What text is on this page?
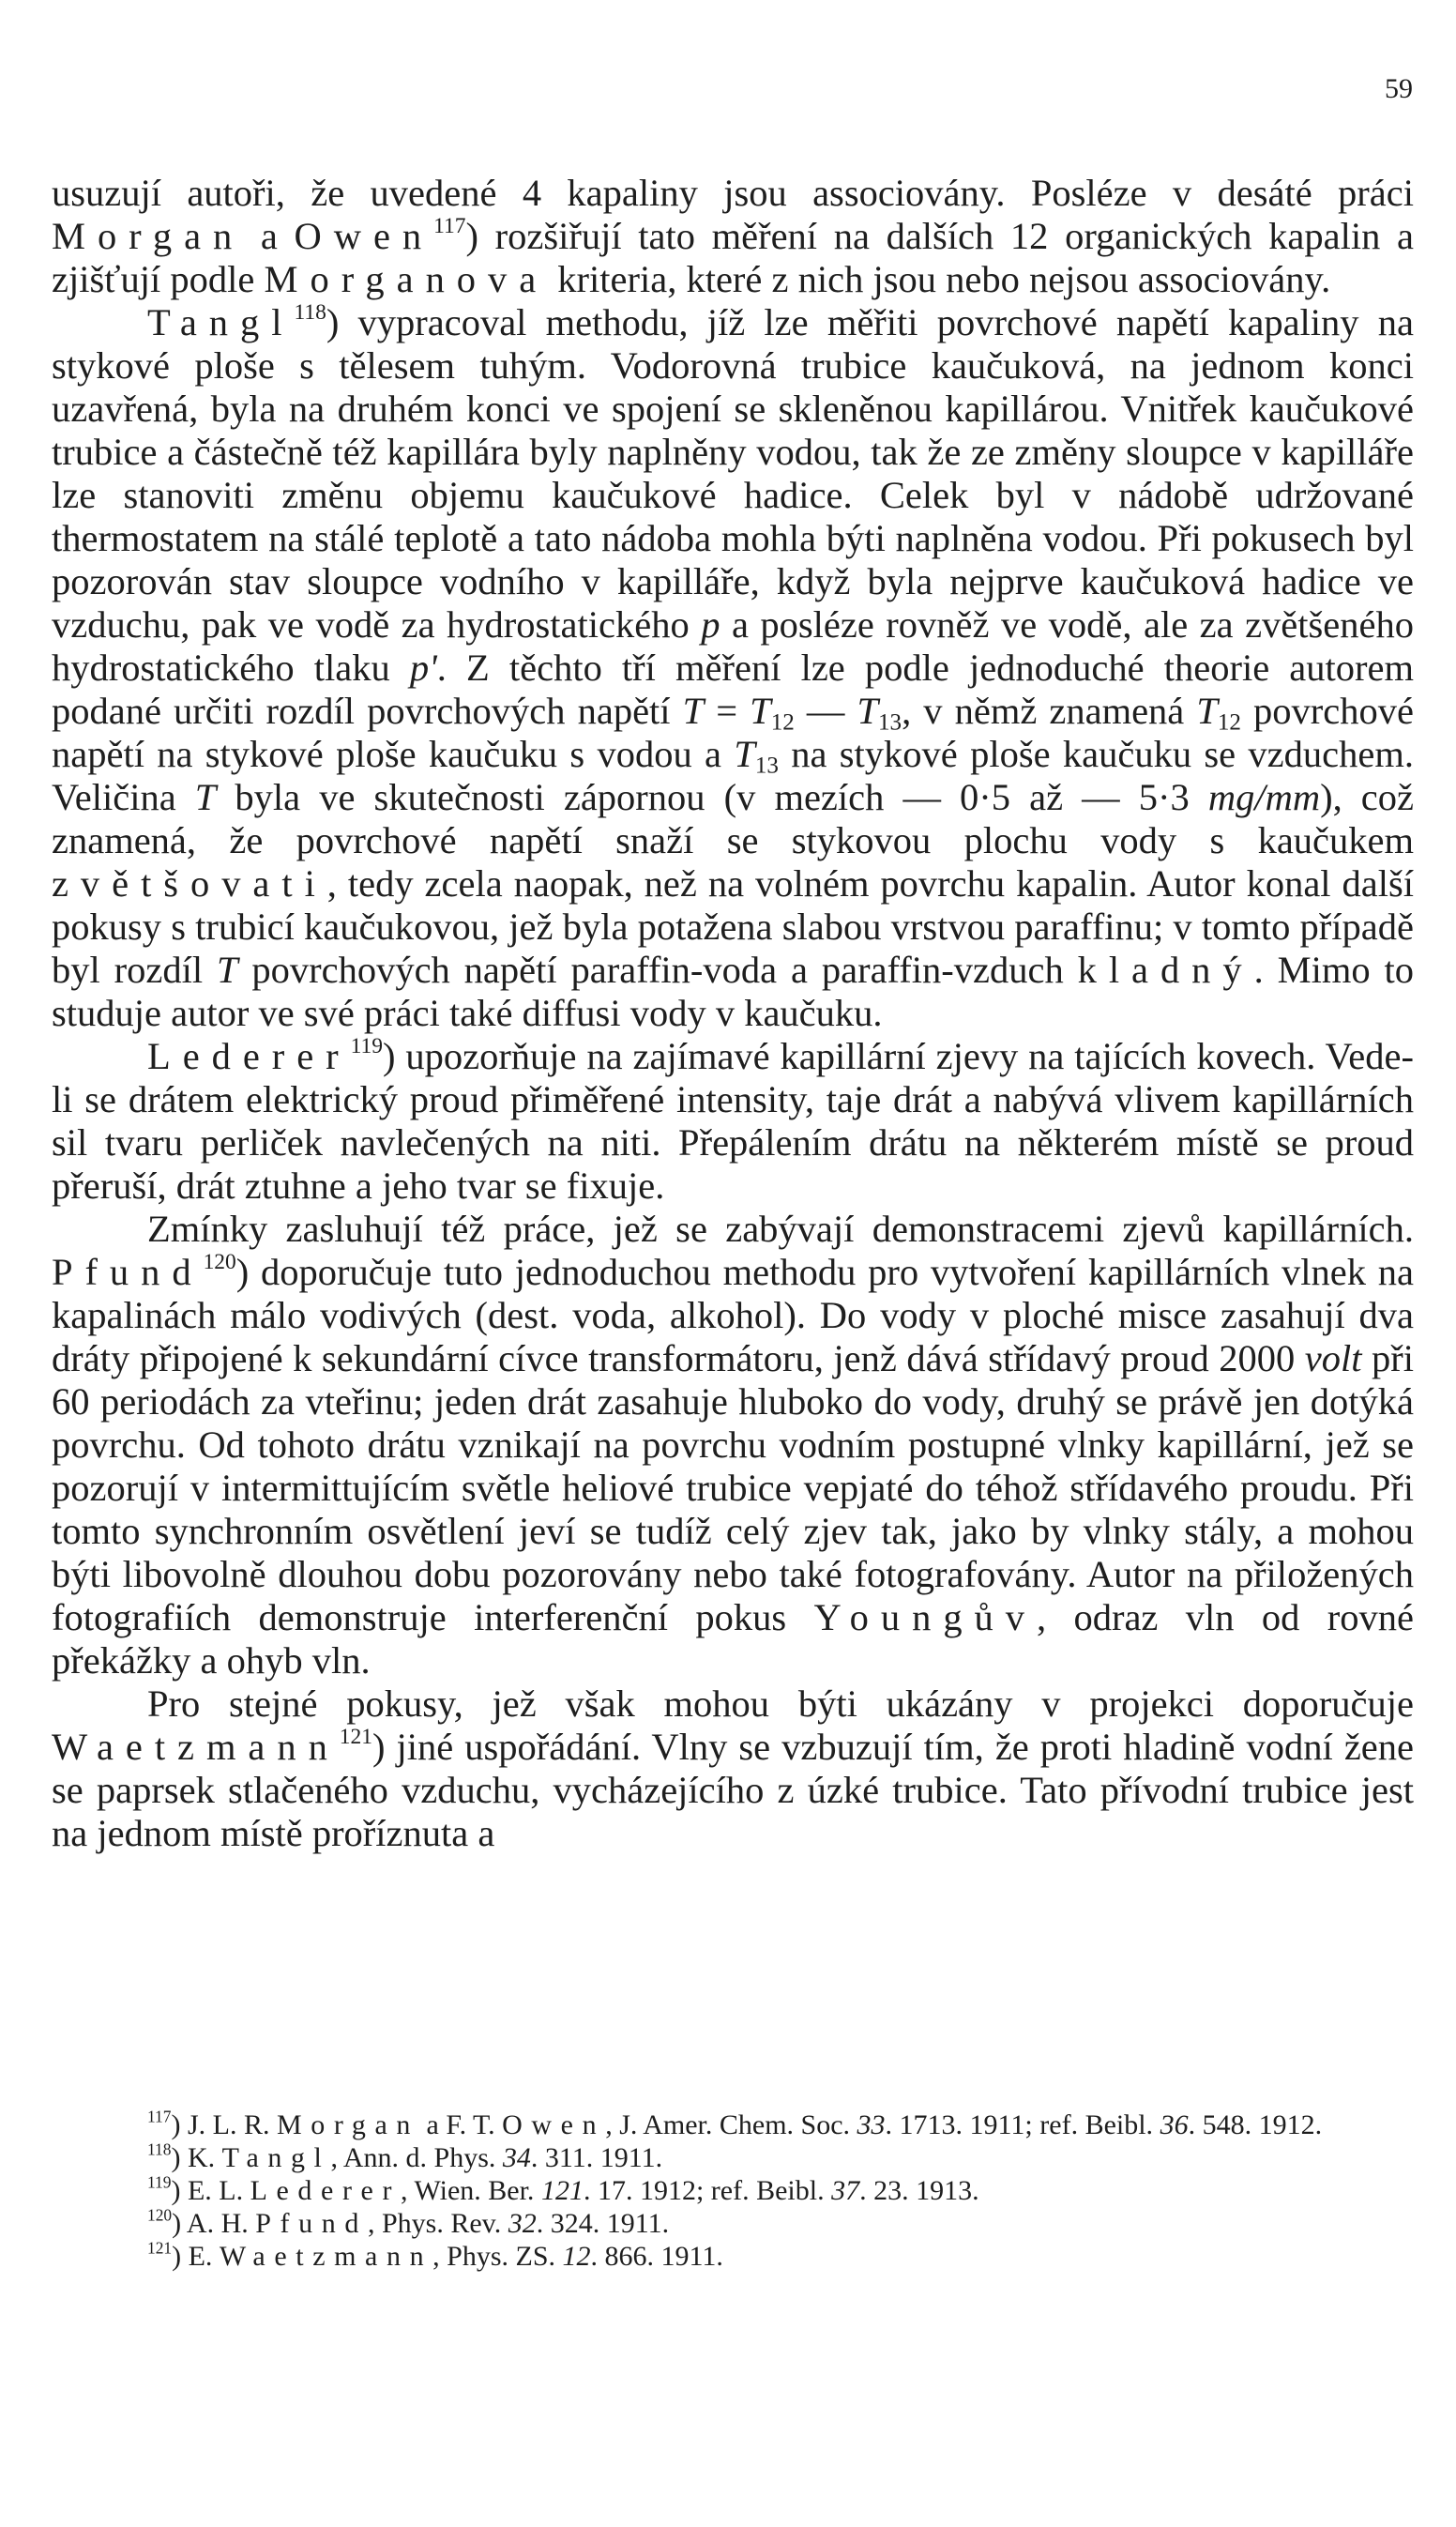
59

usuzují autoři, že uvedené 4 kapaliny jsou associovány. Posléze v desáté práci Morgan a Owen$^{117}$) rozšiřují tato měření na dalších 12 organických kapalin a zjišťují podle Morganova kriteria, které z nich jsou nebo nejsou associovány.

Tangl$^{118}$) vypracoval methodu, jíž lze měřiti povrchové napětí kapaliny na stykové ploše s tělesem tuhým. Vodorovná trubice kaučuková, na jednom konci uzavřená, byla na druhém konci ve spojení se skleněnou kapillárou. Vnitřek kaučukové trubice a částečně též kapillára byly naplněny vodou, tak že ze změny sloupce v kapilláře lze stanoviti změnu objemu kaučukové hadice. Celek byl v nádobě udržované thermostatem na stálé teplotě a tato nádoba mohla býti naplněna vodou. Při pokusech byl pozorován stav sloupce vodního v kapilláře, když byla nejprve kaučuková hadice ve vzduchu, pak ve vodě za hydrostatického p a posléze rovněž ve vodě, ale za zvětšeného hydrostatického tlaku p'. Z těchto tří měření lze podle jednoduché theorie autorem podané určiti rozdíl povrchových napětí $T = T_{12}$ — $T_{13}$, v němž znamená $T_{12}$ povrchové napětí na stykové ploše kaučuku s vodou a $T_{13}$ na stykové ploše kaučuku se vzduchem. Veličina T byla ve skutečnosti zápornou (v mezích — 0·5 až — 5·3 mg/mm), což znamená, že povrchové napětí snaží se stykovou plochu vody s kaučukem zvětšovati, tedy zcela naopak, než na volném povrchu kapalin. Autor konal další pokusy s trubicí kaučukovou, jež byla potažena slabou vrstvou paraffinu; v tomto případě byl rozdíl T povrchových napětí paraffin-voda a paraffin-vzduch kladný. Mimo to studuje autor ve své práci také diffusi vody v kaučuku.

Lederer$^{119}$) upozorňuje na zajímavé kapillární zjevy na tajících kovech. Vede-li se drátem elektrický proud přiměřené intensity, taje drát a nabývá vlivem kapillárních sil tvaru perliček navlečených na niti. Přepálením drátu na některém místě se proud přeruší, drát ztuhne a jeho tvar se fixuje.

Zmínky zasluhují též práce, jež se zabývají demonstracemi zjevů kapillárních. Pfund$^{120}$) doporučuje tuto jednoduchou methodu pro vytvoření kapillárních vlnek na kapalinách málo vodivých (dest. voda, alkohol). Do vody v ploché misce zasahují dva dráty připojené k sekundární cívce transformátoru, jenž dává střídavý proud 2000 volt při 60 periodách za vteřinu; jeden drát zasahuje hluboko do vody, druhý se právě jen dotýká povrchu. Od tohoto drátu vznikají na povrchu vodním postupné vlnky kapillární, jež se pozorují v intermittujícím světle heliové trubice vepjaté do téhož střídavého proudu. Při tomto synchronním osvětlení jeví se tudíž celý zjev tak, jako by vlnky stály, a mohou býti libovolně dlouhou dobu pozorovány nebo také fotografovány. Autor na přiložených fotografiích demonstruje interferenční pokus Youngův, odraz vln od rovné překážky a ohyb vln.

Pro stejné pokusy, jež však mohou býti ukázány v projekci doporučuje Waetzmann$^{121}$) jiné uspořádání. Vlny se vzbuzují tím, že proti hladině vodní žene se paprsek stlačeného vzduchu, vycházejícího z úzké trubice. Tato přívodní trubice jest na jednom místě proříznuta a

$^{117}$) J. L. R. Morgan a F. T. Owen, J. Amer. Chem. Soc. 33. 1713. 1911; ref. Beibl. 36. 548. 1912.

$^{118}$) K. Tangl, Ann. d. Phys. 34. 311. 1911.

$^{119}$) E. L. Lederer, Wien. Ber. 121. 17. 1912; ref. Beibl. 37. 23. 1913.

$^{120}$) A. H. Pfund, Phys. Rev. 32. 324. 1911.

$^{121}$) E. Waetzmann, Phys. ZS. 12. 866. 1911.
